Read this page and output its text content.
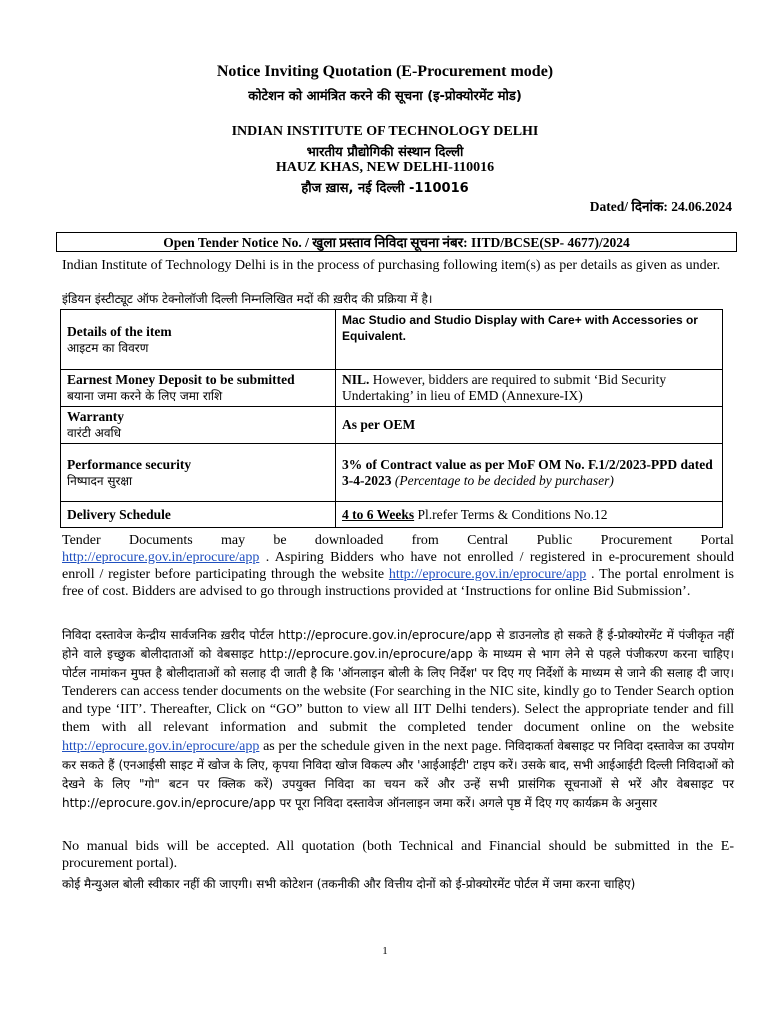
Notice Inviting Quotation (E-Procurement mode)
कोटेशन को आमंत्रित करने की सूचना (इ-प्रोक्योरमेंट मोड)
INDIAN INSTITUTE OF TECHNOLOGY DELHI
भारतीय प्रौद्योगिकी संस्थान दिल्ली
HAUZ KHAS, NEW DELHI-110016
हौज ख़ास, नई दिल्ली -110016
Dated/ दिनांक: 24.06.2024
Open Tender Notice No. / खुला प्रस्ताव निविदा सूचना नंबर: IITD/BCSE(SP- 4677)/2024
Indian Institute of Technology Delhi is in the process of purchasing following item(s) as per details as given as under.
इंडियन इंस्टीट्यूट ऑफ टेक्नोलॉजी दिल्ली निम्नलिखित मदों की ख़रीद की प्रक्रिया में है।
Details of the item
आइटम का विवरण	Mac Studio and Studio Display with Care+ with Accessories or Equivalent.

Earnest Money Deposit to be submitted
बयाना जमा करने के लिए जमा राशि	NIL. However, bidders are required to submit ‘Bid Security Undertaking’ in lieu of EMD (Annexure-IX)

Warranty
वारंटी अवधि	As per OEM

Performance security
निष्पादन सुरक्षा	3% of Contract value as per MoF OM No. F.1/2/2023-PPD dated 3-4-2023 (Percentage to be decided by purchaser)

Delivery Schedule	4 to 6 Weeks Pl.refer Terms & Conditions No.12
Tender Documents may be downloaded from Central Public Procurement Portal
http://eprocure.gov.in/eprocure/app . Aspiring Bidders who have not enrolled / registered in e-procurement should enroll / register before participating through the website http://eprocure.gov.in/eprocure/app . The portal enrolment is free of cost. Bidders are advised to go through instructions provided at ‘Instructions for online Bid Submission’.
निविदा दस्तावेज केन्द्रीय सार्वजनिक ख़रीद पोर्टल http://eprocure.gov.in/eprocure/app से डाउनलोड हो सकते हैं ई-प्रोक्योरमेंट में पंजीकृत नहीं होने वाले इच्छुक बोलीदाताओं को वेबसाइट http://eprocure.gov.in/eprocure/app के माध्यम से भाग लेने से पहले पंजीकरण करना चाहिए। पोर्टल नामांकन मुफ्त है बोलीदाताओं को सलाह दी जाती है कि 'ऑनलाइन बोली के लिए निर्देश' पर दिए गए निर्देशों के माध्यम से जाने की सलाह दी जाए।Tenderers can access tender documents on the website (For searching in the NIC site, kindly go to Tender Search option and type ‘IIT’. Thereafter, Click on “GO” button to view all IIT Delhi tenders). Select the appropriate tender and fill them with all relevant information and submit the completed tender document online on the website http://eprocure.gov.in/eprocure/app as per the schedule given in the next page. निविदाकर्ता वेबसाइट पर निविदा दस्तावेज का उपयोग कर सकते हैं (एनआईसी साइट में खोज के लिए, कृपया निविदा खोज विकल्प और 'आईआईटी' टाइप करें। उसके बाद, सभी आईआईटी दिल्ली निविदाओं को देखने के लिए "गो" बटन पर क्लिक करें) उपयुक्त निविदा का चयन करें और उन्हें सभी प्रासंगिक सूचनाओं से भरें और वेबसाइट पर http://eprocure.gov.in/eprocure/app पर पूरा निविदा दस्तावेज ऑनलाइन जमा करें। अगले पृष्ठ में दिए गए कार्यक्रम के अनुसार
No manual bids will be accepted. All quotation (both Technical and Financial should be submitted in the E-procurement portal).
कोई मैन्युअल बोली स्वीकार नहीं की जाएगी। सभी कोटेशन (तकनीकी और वित्तीय दोनों को ई-प्रोक्योरमेंट पोर्टल में जमा करना चाहिए)
1
